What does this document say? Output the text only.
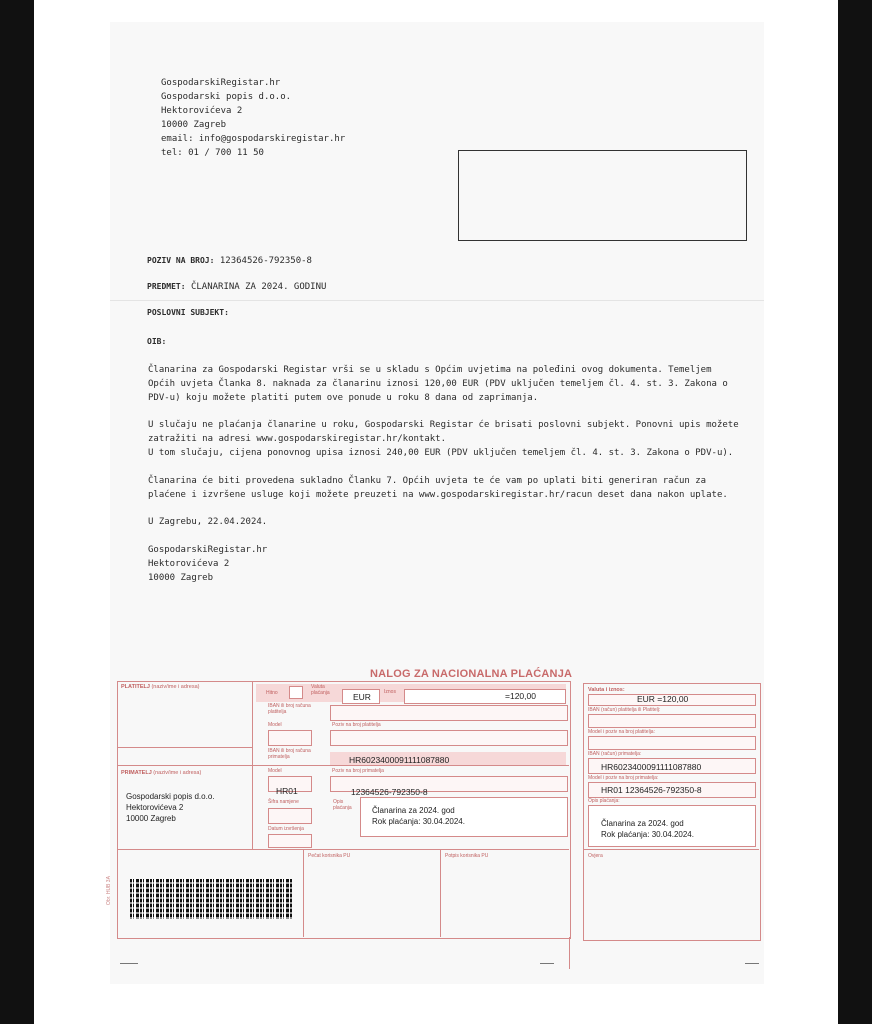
GospodarskiRegistar.hr
Gospodarski popis d.o.o.
Hektorovićeva 2
10000 Zagreb
email: info@gospodarskiregistar.hr
tel: 01 / 700 11 50
POZIV NA BROJ: 12364526-792350-8
PREDMET: ČLANARINA ZA 2024. GODINU
POSLOVNI SUBJEKT:
OIB:
Članarina za Gospodarski Registar vrši se u skladu s Općim uvjetima na poleđini ovog dokumenta. Temeljem Općih uvjeta Članka 8. naknada za članarinu iznosi 120,00 EUR (PDV uključen temeljem čl. 4. st. 3. Zakona o PDV-u) koju možete platiti putem ove ponude u roku 8 dana od zaprimanja.
U slučaju ne plaćanja članarine u roku, Gospodarski Registar će brisati poslovni subjekt. Ponovni upis možete zatražiti na adresi www.gospodarskiregistar.hr/kontakt.
U tom slučaju, cijena ponovnog upisa iznosi 240,00 EUR (PDV uključen temeljem čl. 4. st. 3. Zakona o PDV-u).
Članarina će biti provedena sukladno Članku 7. Općih uvjeta te će vam po uplati biti generiran račun za plaćene i izvršene usluge koji možete preuzeti na www.gospodarskiregistar.hr/racun deset dana nakon uplate.
U Zagrebu, 22.04.2024.
GospodarskiRegistar.hr
Hektorovićeva 2
10000 Zagreb
NALOG ZA NACIONALNA PLAĆANJA
PLATITELJ (naziv/ime i adresa)
Hitno
Valuta plaćanja	EUR	Iznos	=120,00
IBAN ili broj računa platitelja
Model	Poziv na broj platitelja
IBAN ili broj računa primatelja	HR6023400091111087880
PRIMATELJ (naziv/ime i adresa)
Gospodarski popis d.o.o.
Hektorovićeva 2
10000 Zagreb
Model	Poziv na broj primatelja
HR01	12364526-792350-8
Šifra namjene	Opis plaćanja	Članarina za 2024. god
Rok plaćanja: 30.04.2024.
Datum izvršenja
Pečat korisnika PU	Potpis korisnika PU
Obr. HUB 3A
Valuta i iznos:
EUR =120,00
IBAN (račun) platitelja ili Platitelj:
Model i poziv na broj platitelja:
IBAN (račun) primatelja:
HR6023400091111087880
Model i poziv na broj primatelja:
HR01 12364526-792350-8
Opis plaćanja:
Članarina za 2024. god
Rok plaćanja: 30.04.2024.
Ovjera
